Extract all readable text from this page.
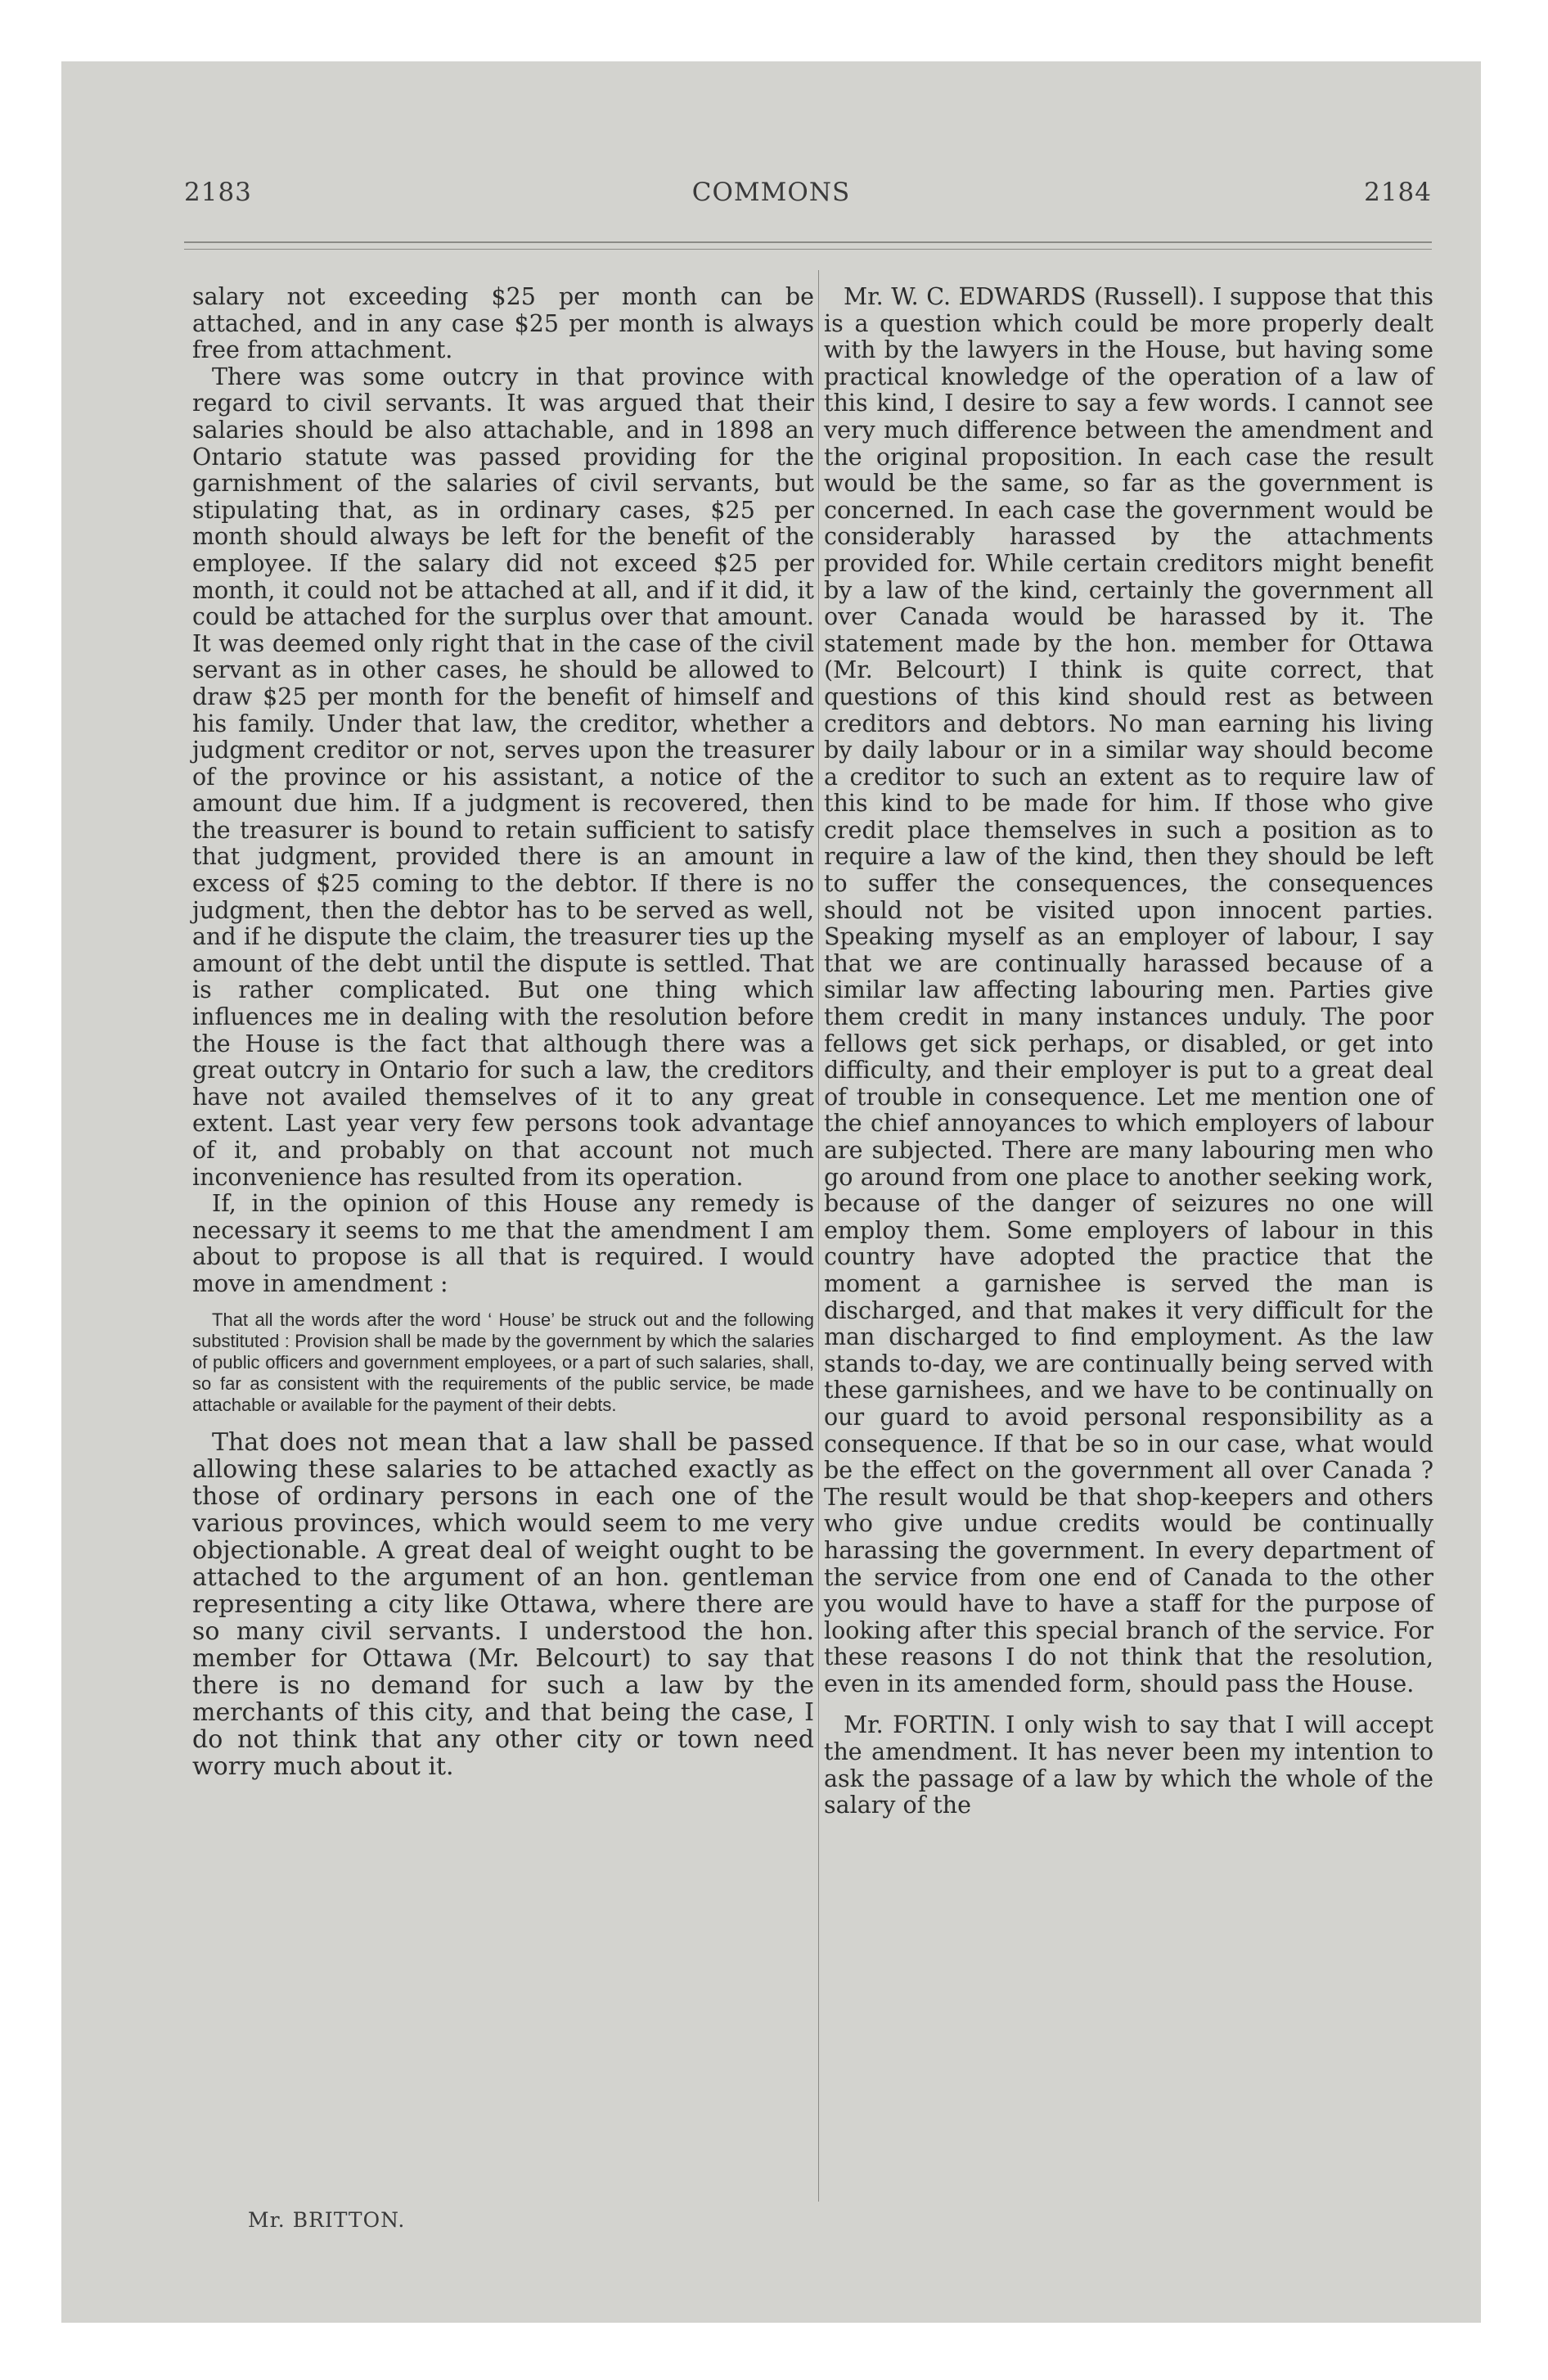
2183	COMMONS	2184

salary not exceeding $25 per month can be attached, and in any case $25 per month is always free from attachment.

There was some outcry in that province with regard to civil servants. It was argued that their salaries should be also attachable, and in 1898 an Ontario statute was passed providing for the garnishment of the salaries of civil servants, but stipulating that, as in ordinary cases, $25 per month should always be left for the benefit of the employee. If the salary did not exceed $25 per month, it could not be attached at all, and if it did, it could be attached for the surplus over that amount. It was deemed only right that in the case of the civil servant as in other cases, he should be allowed to draw $25 per month for the benefit of himself and his family. Under that law, the creditor, whether a judgment creditor or not, serves upon the treasurer of the province or his assistant, a notice of the amount due him. If a judgment is recovered, then the treasurer is bound to retain sufficient to satisfy that judgment, provided there is an amount in excess of $25 coming to the debtor. If there is no judgment, then the debtor has to be served as well, and if he dispute the claim, the treasurer ties up the amount of the debt until the dispute is settled. That is rather complicated. But one thing which influences me in dealing with the resolution before the House is the fact that although there was a great outcry in Ontario for such a law, the creditors have not availed themselves of it to any great extent. Last year very few persons took advantage of it, and probably on that account not much inconvenience has resulted from its operation.

If, in the opinion of this House any remedy is necessary it seems to me that the amendment I am about to propose is all that is required. I would move in amendment :

That all the words after the word ‘ House’ be struck out and the following substituted : Provision shall be made by the government by which the salaries of public officers and government employees, or a part of such salaries, shall, so far as consistent with the requirements of the public service, be made attachable or available for the payment of their debts.

That does not mean that a law shall be passed allowing these salaries to be attached exactly as those of ordinary persons in each one of the various provinces, which would seem to me very objectionable. A great deal of weight ought to be attached to the argument of an hon. gentleman representing a city like Ottawa, where there are so many civil servants. I understood the hon. member for Ottawa (Mr. Belcourt) to say that there is no demand for such a law by the merchants of this city, and that being the case, I do not think that any other city or town need worry much about it.

Mr. W. C. EDWARDS (Russell). I suppose that this is a question which could be more properly dealt with by the lawyers in the House, but having some practical knowledge of the operation of a law of this kind, I desire to say a few words. I cannot see very much difference between the amendment and the original proposition. In each case the result would be the same, so far as the government is concerned. In each case the government would be considerably harassed by the attachments provided for. While certain creditors might benefit by a law of the kind, certainly the government all over Canada would be harassed by it. The statement made by the hon. member for Ottawa (Mr. Belcourt) I think is quite correct, that questions of this kind should rest as between creditors and debtors. No man earning his living by daily labour or in a similar way should become a creditor to such an extent as to require law of this kind to be made for him. If those who give credit place themselves in such a position as to require a law of the kind, then they should be left to suffer the consequences, the consequences should not be visited upon innocent parties. Speaking myself as an employer of labour, I say that we are continually harassed because of a similar law affecting labouring men. Parties give them credit in many instances unduly. The poor fellows get sick perhaps, or disabled, or get into difficulty, and their employer is put to a great deal of trouble in consequence. Let me mention one of the chief annoyances to which employers of labour are subjected. There are many labouring men who go around from one place to another seeking work, because of the danger of seizures no one will employ them. Some employers of labour in this country have adopted the practice that the moment a garnishee is served the man is discharged, and that makes it very difficult for the man discharged to find employment. As the law stands to-day, we are continually being served with these garnishees, and we have to be continually on our guard to avoid personal responsibility as a consequence. If that be so in our case, what would be the effect on the government all over Canada ? The result would be that shop-keepers and others who give undue credits would be continually harassing the government. In every department of the service from one end of Canada to the other you would have to have a staff for the purpose of looking after this special branch of the service. For these reasons I do not think that the resolution, even in its amended form, should pass the House.

Mr. FORTIN. I only wish to say that I will accept the amendment. It has never been my intention to ask the passage of a law by which the whole of the salary of the

Mr. BRITTON.
